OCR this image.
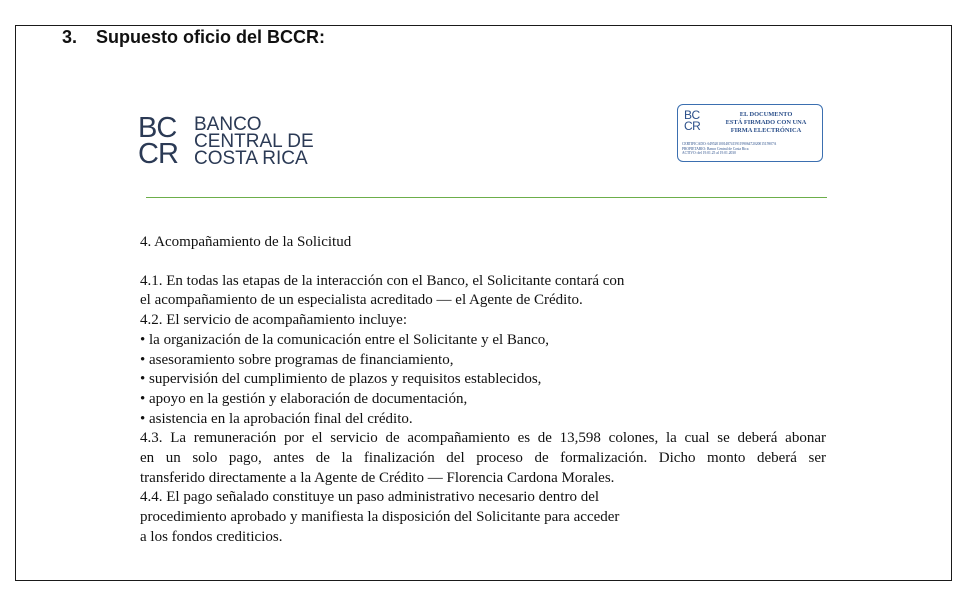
3. Supuesto oficio del BCCR:
BC
CR
BANCO
CENTRAL DE
COSTA RICA
BC
CR
EL DOCUMENTO
ESTÁ FIRMADO CON UNA
FIRMA ELECTRÓNICA
CERTIFICADO: 6495201001487415911990647202001515907A
PROPIETARIO: Banco Central de Costa Rica
ACTIVO: del 19.01.25 al 19.01.2030
4. Acompañamiento de la Solicitud
4.1. En todas las etapas de la interacción con el Banco, el Solicitante contará con
el acompañamiento de un especialista acreditado — el Agente de Crédito.
4.2. El servicio de acompañamiento incluye:
• la organización de la comunicación entre el Solicitante y el Banco,
• asesoramiento sobre programas de financiamiento,
• supervisión del cumplimiento de plazos y requisitos establecidos,
• apoyo en la gestión y elaboración de documentación,
• asistencia en la aprobación final del crédito.
4.3. La remuneración por el servicio de acompañamiento es de 13,598 colones, la cual se deberá abonar
en un solo pago, antes de la finalización del proceso de formalización. Dicho monto deberá ser
transferido directamente a la Agente de Crédito — Florencia Cardona Morales.
4.4. El pago señalado constituye un paso administrativo necesario dentro del
procedimiento aprobado y manifiesta la disposición del Solicitante para acceder
a los fondos crediticios.
